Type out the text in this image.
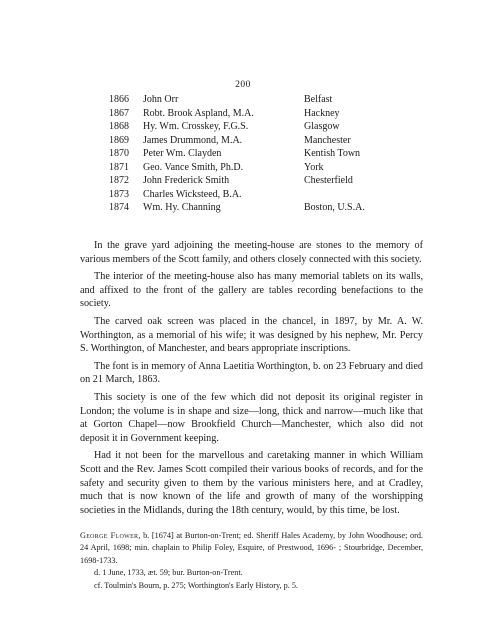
200
1866 John Orr	Belfast
1867 Robt. Brook Aspland, M.A.	Hackney
1868 Hy. Wm. Crosskey, F.G.S.	Glasgow
1869 James Drummond, M.A.	Manchester
1870 Peter Wm. Clayden	Kentish Town
1871 Geo. Vance Smith, Ph.D.	York
1872 John Frederick Smith	Chesterfield
1873 Charles Wicksteed, B.A.
1874 Wm. Hy. Channing	Boston, U.S.A.

In the grave yard adjoining the meeting-house are stones to the memory of various members of the Scott family, and others closely connected with this society.

The interior of the meeting-house also has many memorial tablets on its walls, and affixed to the front of the gallery are tables recording benefactions to the society.

The carved oak screen was placed in the chancel, in 1897, by Mr. A. W. Worthington, as a memorial of his wife; it was designed by his nephew, Mr. Percy S. Worthington, of Manchester, and bears appropriate inscriptions.

The font is in memory of Anna Laetitia Worthington, b. on 23 February and died on 21 March, 1863.

This society is one of the few which did not deposit its original register in London; the volume is in shape and size—long, thick and narrow—much like that at Gorton Chapel—now Brookfield Church—Manchester, which also did not deposit it in Government keeping.

Had it not been for the marvellous and caretaking manner in which William Scott and the Rev. James Scott compiled their various books of records, and for the safety and security given to them by the various ministers here, and at Cradley, much that is now known of the life and growth of many of the worshipping societies in the Midlands, during the 18th century, would, by this time, be lost.

George Flower, b. [1674] at Burton-on-Trent; ed. Sheriff Hales Academy, by John Woodhouse; ord. 24 April, 1698; min. chaplain to Philip Foley, Esquire, of Prestwood, 1696- ; Stourbridge, December, 1698-1733.

d. 1 June, 1733, æt. 59; bur. Burton-on-Trent.

cf. Toulmin's Bourn, p. 275; Worthington's Early History, p. 5.
